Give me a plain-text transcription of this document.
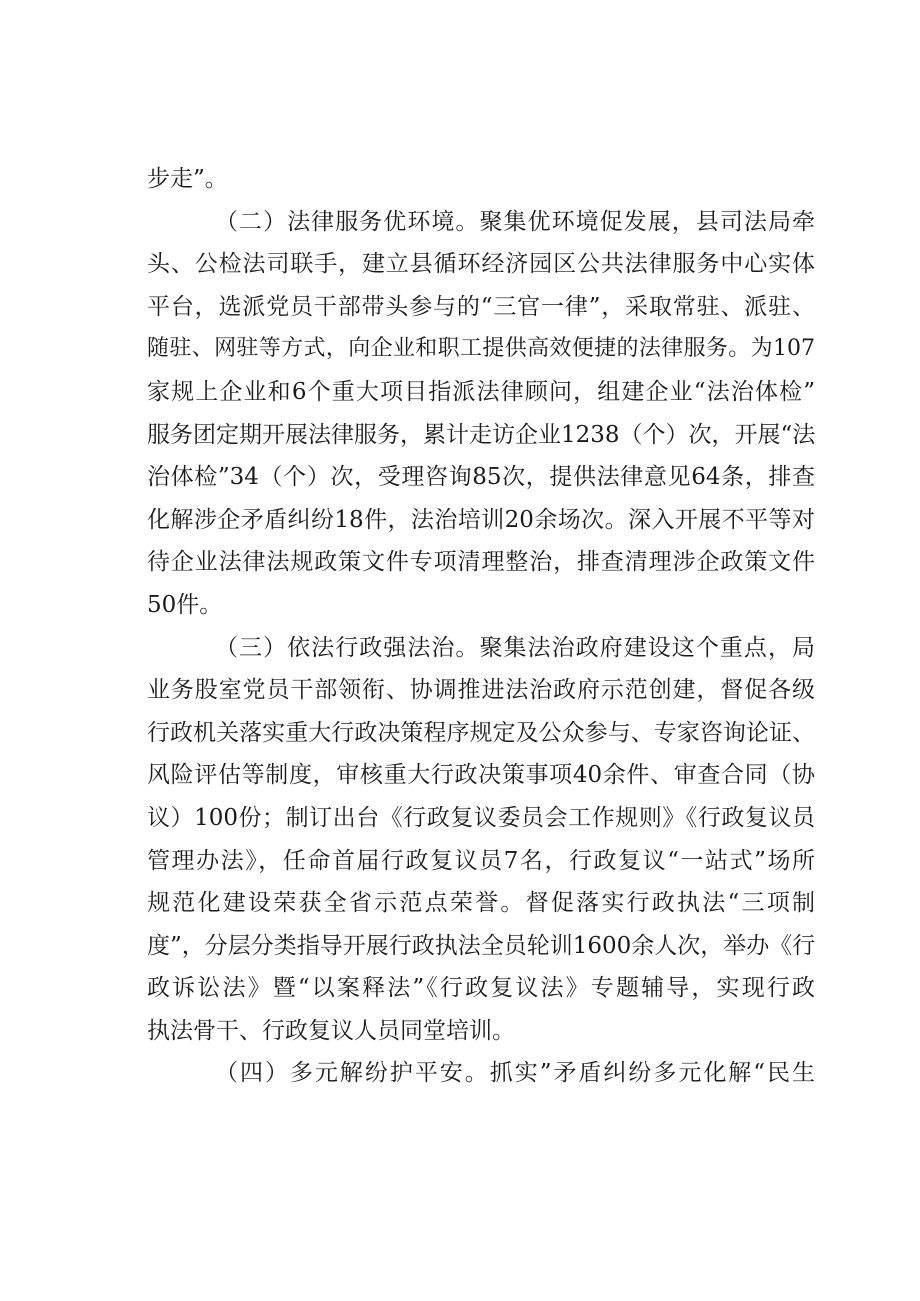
步走”。
（二）法律服务优环境。聚集优环境促发展，县司法局牵
头、公检法司联手，建立县循环经济园区公共法律服务中心实体
平台，选派党员干部带头参与的“三官一律”，采取常驻、派驻、
随驻、网驻等方式，向企业和职工提供高效便捷的法律服务。为107
家规上企业和6个重大项目指派法律顾问，组建企业“法治体检”
服务团定期开展法律服务，累计走访企业1238（个）次，开展“法
治体检”34（个）次，受理咨询85次，提供法律意见64条，排查
化解涉企矛盾纠纷18件，法治培训20余场次。深入开展不平等对
待企业法律法规政策文件专项清理整治，排查清理涉企政策文件
50件。
（三）依法行政强法治。聚集法治政府建设这个重点，局
业务股室党员干部领衔、协调推进法治政府示范创建，督促各级
行政机关落实重大行政决策程序规定及公众参与、专家咨询论证、
风险评估等制度，审核重大行政决策事项40余件、审查合同（协
议）100份；制订出台《行政复议委员会工作规则》《行政复议员
管理办法》，任命首届行政复议员7名，行政复议“一站式”场所
规范化建设荣获全省示范点荣誉。督促落实行政执法“三项制
度”，分层分类指导开展行政执法全员轮训1600余人次，举办《行
政诉讼法》暨“以案释法”《行政复议法》专题辅导，实现行政
执法骨干、行政复议人员同堂培训。
（四）多元解纷护平安。抓实”矛盾纠纷多元化解“民生
